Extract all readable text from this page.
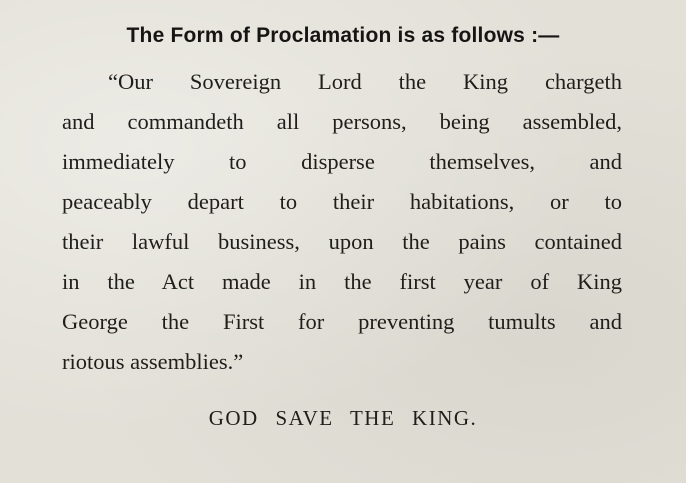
The Form of Proclamation is as follows :—
“Our Sovereign Lord the King chargeth
and commandeth all persons, being assembled,
immediately to disperse themselves, and
peaceably depart to their habitations, or to
their lawful business, upon the pains contained
in the Act made in the first year of King
George the First for preventing tumults and
riotous assemblies.”
GOD SAVE THE KING.
